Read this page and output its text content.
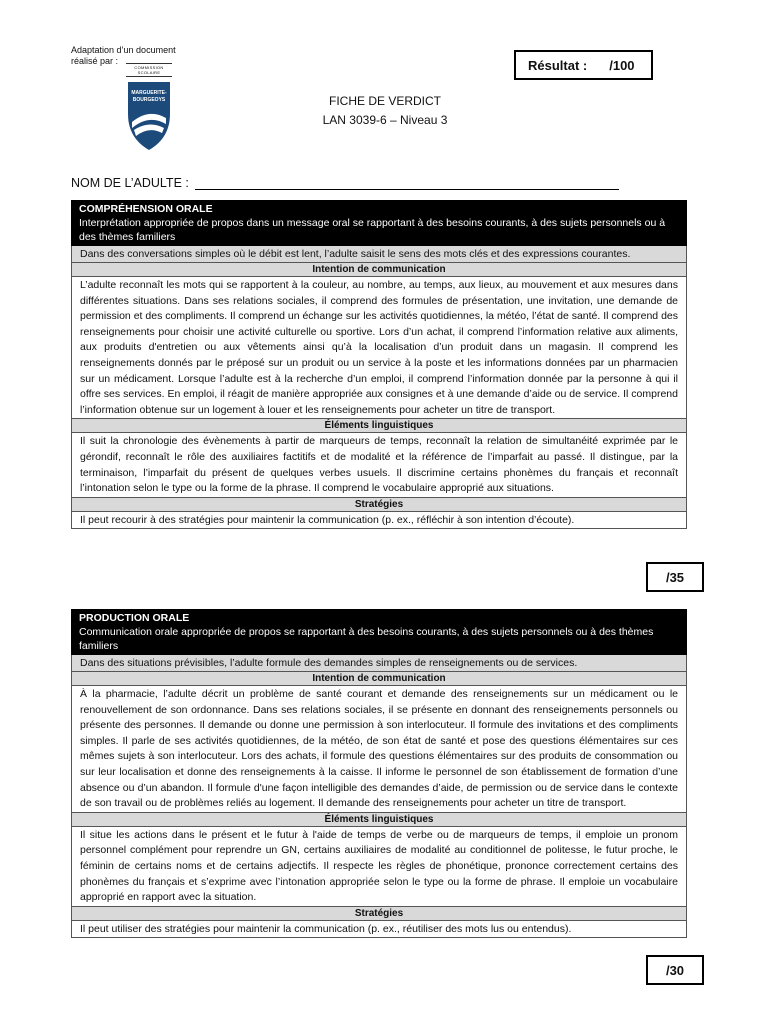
Adaptation d’un document
réalisé par :
COMMISSION
SCOLAIRE
MARGUERITE-
BOURGEOYS
Résultat : /100
FICHE DE VERDICT
LAN 3039-6 – Niveau 3
NOM DE L’ADULTE :
COMPRÉHENSION ORALE
Interprétation appropriée de propos dans un message oral se rapportant à des besoins courants, à des sujets personnels ou à des thèmes familiers
Dans des conversations simples où le débit est lent, l’adulte saisit le sens des mots clés et des expressions courantes.
Intention de communication
L’adulte reconnaît les mots qui se rapportent à la couleur, au nombre, au temps, aux lieux, au mouvement et aux mesures dans différentes situations. Dans ses relations sociales, il comprend des formules de présentation, une invitation, une demande de permission et des compliments. Il comprend un échange sur les activités quotidiennes, la météo, l’état de santé. Il comprend des renseignements pour choisir une activité culturelle ou sportive. Lors d’un achat, il comprend l’information relative aux aliments, aux produits d'entretien ou aux vêtements ainsi qu’à la localisation d’un produit dans un magasin. Il comprend les renseignements donnés par le préposé sur un produit ou un service à la poste et les informations données par un pharmacien sur un médicament. Lorsque l’adulte est à la recherche d’un emploi, il comprend l’information donnée par la personne à qui il offre ses services. En emploi, il réagit de manière appropriée aux consignes et à une demande d’aide ou de service. Il comprend l’information obtenue sur un logement à louer et les renseignements pour acheter un titre de transport.
Éléments linguistiques
Il suit la chronologie des évènements à partir de marqueurs de temps, reconnaît la relation de simultanéité exprimée par le gérondif, reconnaît le rôle des auxiliaires factitifs et de modalité et la référence de l’imparfait au passé. Il distingue, par la terminaison, l’imparfait du présent de quelques verbes usuels. Il discrimine certains phonèmes du français et reconnaît l’intonation selon le type ou la forme de la phrase. Il comprend le vocabulaire approprié aux situations.
Stratégies
Il peut recourir à des stratégies pour maintenir la communication (p. ex., réfléchir à son intention d’écoute).
/35
PRODUCTION ORALE
Communication orale appropriée de propos se rapportant à des besoins courants, à des sujets personnels ou à des thèmes familiers
Dans des situations prévisibles, l’adulte formule des demandes simples de renseignements ou de services.
Intention de communication
À la pharmacie, l’adulte décrit un problème de santé courant et demande des renseignements sur un médicament ou le renouvellement de son ordonnance. Dans ses relations sociales, il se présente en donnant des renseignements personnels ou présente des personnes. Il demande ou donne une permission à son interlocuteur. Il formule des invitations et des compliments simples. Il parle de ses activités quotidiennes, de la météo, de son état de santé et pose des questions élémentaires sur ces mêmes sujets à son interlocuteur. Lors des achats, il formule des questions élémentaires sur des produits de consommation ou sur leur localisation et donne des renseignements à la caisse. Il informe le personnel de son établissement de formation d’une absence ou d’un abandon. Il formule d'une façon intelligible des demandes d’aide, de permission ou de service dans le contexte de son travail ou de problèmes reliés au logement. Il demande des renseignements pour acheter un titre de transport.
Éléments linguistiques
Il situe les actions dans le présent et le futur à l'aide de temps de verbe ou de marqueurs de temps, il emploie un pronom personnel complément pour reprendre un GN, certains auxiliaires de modalité au conditionnel de politesse, le futur proche, le féminin de certains noms et de certains adjectifs. Il respecte les règles de phonétique, prononce correctement certains des phonèmes du français et s’exprime avec l’intonation appropriée selon le type ou la forme de phrase. Il emploie un vocabulaire approprié en rapport avec la situation.
Stratégies
Il peut utiliser des stratégies pour maintenir la communication (p. ex., réutiliser des mots lus ou entendus).
/30
